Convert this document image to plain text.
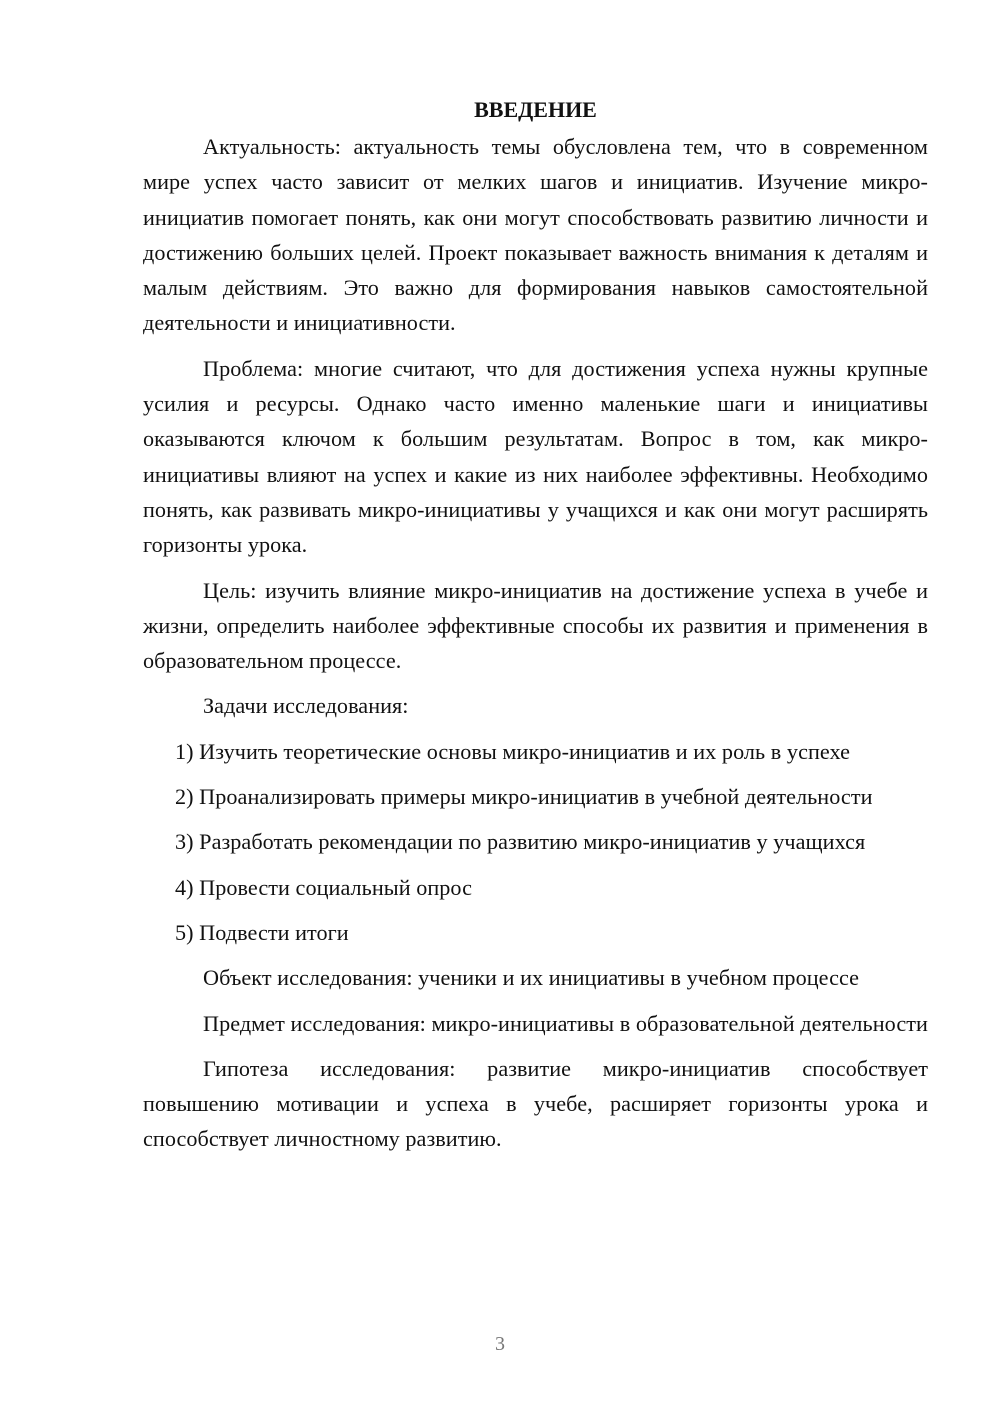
ВВЕДЕНИЕ

Актуальность: актуальность темы обусловлена тем, что в современном мире успех часто зависит от мелких шагов и инициатив. Изучение микро-инициатив помогает понять, как они могут способствовать развитию личности и достижению больших целей. Проект показывает важность внимания к деталям и малым действиям. Это важно для формирования навыков самостоятельной деятельности и инициативности.

Проблема: многие считают, что для достижения успеха нужны крупные усилия и ресурсы. Однако часто именно маленькие шаги и инициативы оказываются ключом к большим результатам. Вопрос в том, как микро-инициативы влияют на успех и какие из них наиболее эффективны. Необходимо понять, как развивать микро-инициативы у учащихся и как они могут расширять горизонты урока.

Цель: изучить влияние микро-инициатив на достижение успеха в учебе и жизни, определить наиболее эффективные способы их развития и применения в образовательном процессе.

Задачи исследования:

1) Изучить теоретические основы микро-инициатив и их роль в успехе

2) Проанализировать примеры микро-инициатив в учебной деятельности

3) Разработать рекомендации по развитию микро-инициатив у учащихся

4) Провести социальный опрос

5) Подвести итоги

Объект исследования: ученики и их инициативы в учебном процессе

Предмет исследования: микро-инициативы в образовательной деятельности

Гипотеза исследования: развитие микро-инициатив способствует повышению мотивации и успеха в учебе, расширяет горизонты урока и способствует личностному развитию.

3
